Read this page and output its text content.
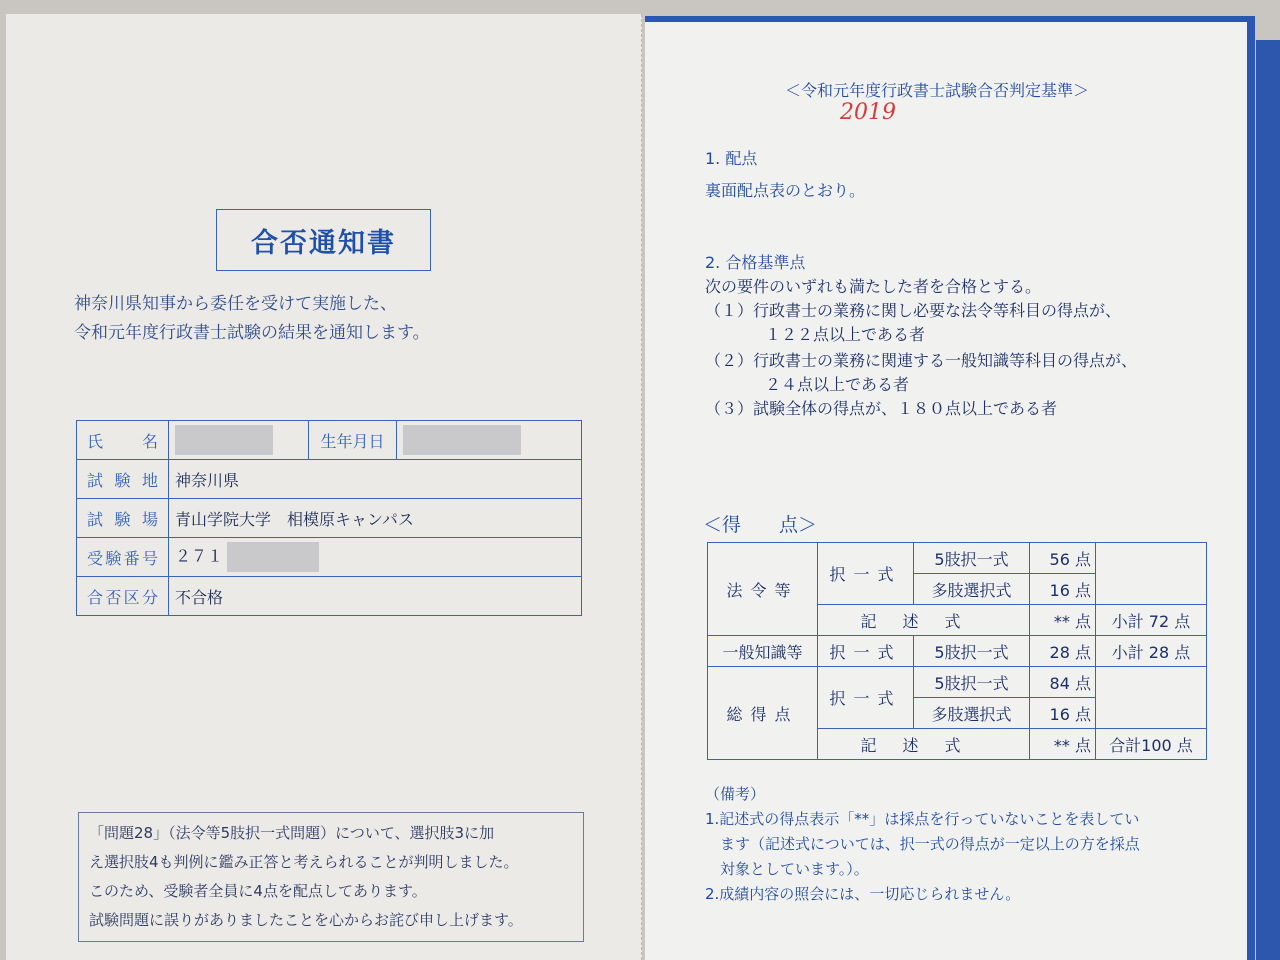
合否通知書
神奈川県知事から委任を受けて実施した、
令和元年度行政書士試験の結果を通知します。
氏　名		生年月日	
試験地	神奈川県		
試験場	青山学院大学　相模原キャンパス		
受験番号	２７１		
合否区分	不合格		
「問題28」（法令等5肢択一式問題）について、選択肢3に加
え選択肢4も判例に鑑み正答と考えられることが判明しました。
このため、受験者全員に4点を配点してあります。
試験問題に誤りがありましたことを心からお詫び申し上げます。
＜令和元年度行政書士試験合否判定基準＞
2019
1. 配点
裏面配点表のとおり。
2. 合格基準点
次の要件のいずれも満たした者を合格とする。
（１）行政書士の業務に関し必要な法令等科目の得点が、
１２２点以上である者
（２）行政書士の業務に関連する一般知識等科目の得点が、
２４点以上である者
（３）試験全体の得点が、１８０点以上である者
＜得　　点＞
法令等	択一式	5肢択一式	56 点	
		多肢選択式	16 点	
	記述式		** 点	小計 72 点
一般知識等	択一式	5肢択一式	28 点	小計 28 点
総得点	択一式	5肢択一式	84 点	
		多肢選択式	16 点	
	記述式		** 点	合計100 点
（備考）
1.記述式の得点表示「**」は採点を行っていないことを表してい
　ます（記述式については、択一式の得点が一定以上の方を採点
　対象としています。）。
2.成績内容の照会には、一切応じられません。
